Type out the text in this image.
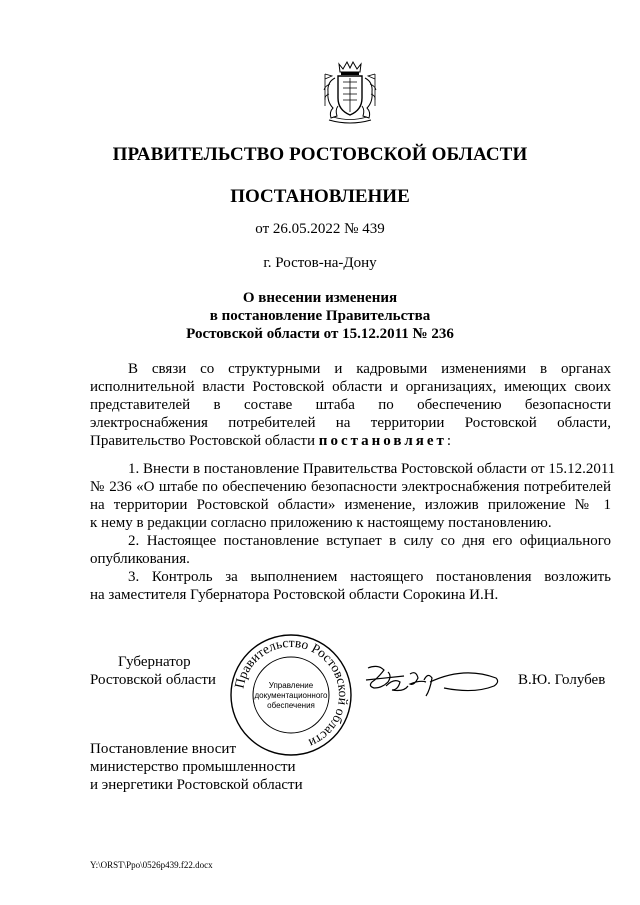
ПРАВИТЕЛЬСТВО РОСТОВСКОЙ ОБЛАСТИ
ПОСТАНОВЛЕНИЕ
от 26.05.2022 № 439
г. Ростов-на-Дону
О внесении изменения
в постановление Правительства
Ростовской области от 15.12.2011 № 236
В связи со структурными и кадровыми изменениями в органах
исполнительной власти Ростовской области и организациях, имеющих своих
представителей в составе штаба по обеспечению безопасности
электроснабжения потребителей на территории Ростовской области,
Правительство Ростовской области постановляет:
1. Внести в постановление Правительства Ростовской области от 15.12.2011
№ 236 «О штабе по обеспечению безопасности электроснабжения потребителей
на территории Ростовской области» изменение, изложив приложение № 1
к нему в редакции согласно приложению к настоящему постановлению.
2. Настоящее постановление вступает в силу со дня его официального
опубликования.
3. Контроль за выполнением настоящего постановления возложить
на заместителя Губернатора Ростовской области Сорокина И.Н.
Губернатор
Ростовской области Правительство Ростовской области
Управление
документационного
обеспечения
В.Ю. Голубев
Постановление вносит
министерство промышленности
и энергетики Ростовской области
Y:\ORST\Ppo\0526p439.f22.docx
